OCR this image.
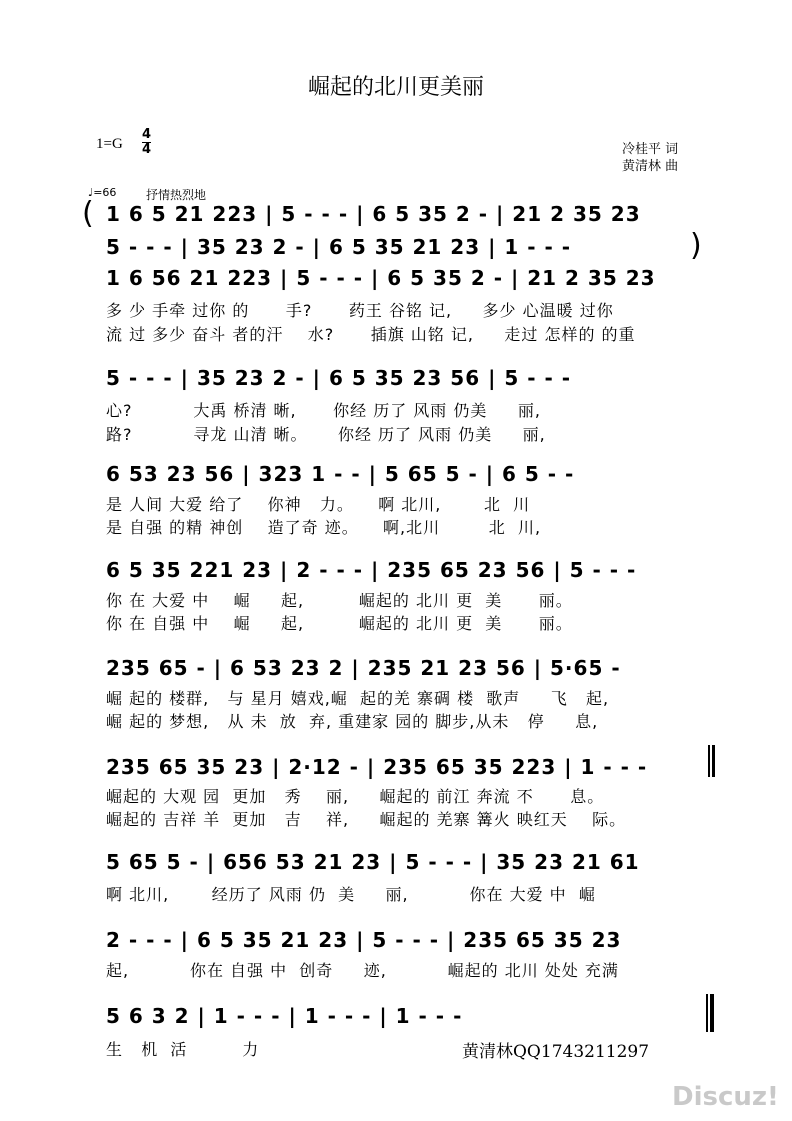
崛起的北川更美丽
$1=G \frac{4}{4}$	冷桂平 词
黄清林 曲
♩=66 抒情热烈地
( 1 6 5 21 223 | 5 - - - | 6 5 35 2 - | 21 2 35 23
5 - - - | 35 23 2 - | 6 5 35 21 23 | 1 - - -	)
1 6 56 21 223 | 5 - - - | 6 5 35 2 - | 21 2 35 23
多 少 手牵 过你 的      手?      药王 谷铭 记,     多少 心温暖 过你
流 过 多少 奋斗 者的汗    水?      插旗 山铭 记,     走过 怎样的 的重
5 - - - | 35 23 2 - | 6 5 35 23 56 | 5 - - -
心?          大禹 桥清 晰,      你经 历了 风雨 仍美     丽,
路?          寻龙 山清 晰。     你经 历了 风雨 仍美     丽,
6 53 23 56 | 323 1 - - | 5 65 5 - | 6 5 - -
是 人间 大爱 给了    你神   力。    啊 北川,       北  川
是 自强 的精 神创    造了奇 迹。    啊,北川        北  川,
6 5 35 221 23 | 2 - - - | 235 65 23 56 | 5 - - -
你 在 大爱 中    崛     起,         崛起的 北川 更  美      丽。
你 在 自强 中    崛     起,         崛起的 北川 更  美      丽。
235 65 - | 6 53 23 2 | 235 21 23 56 | 5·65 -
崛 起的 楼群,   与 星月 嬉戏,崛  起的羌 寨碉 楼  歌声     飞   起,
崛 起的 梦想,   从 未  放  弃, 重建家 园的 脚步,从未   停     息,
235 65 35 23 | 2·12 - | 235 65 35 223 | 1 - - -
崛起的 大观 园  更加   秀    丽,     崛起的 前江 奔流 不      息。
崛起的 吉祥 羊  更加   吉    祥,     崛起的 羌寨 篝火 映红天    际。
5 65 5 - | 656 53 21 23 | 5 - - - | 35 23 21 61
啊 北川,       经历了 风雨 仍  美     丽,          你在 大爱 中  崛
2 - - - | 6 5 35 21 23 | 5 - - - | 235 65 35 23
起,          你在 自强 中  创奇     迹,          崛起的 北川 处处 充满
5 6 3 2 | 1 - - - | 1 - - - | 1 - - -
生   机  活         力	黄清林QQ1743211297
Discuz!
